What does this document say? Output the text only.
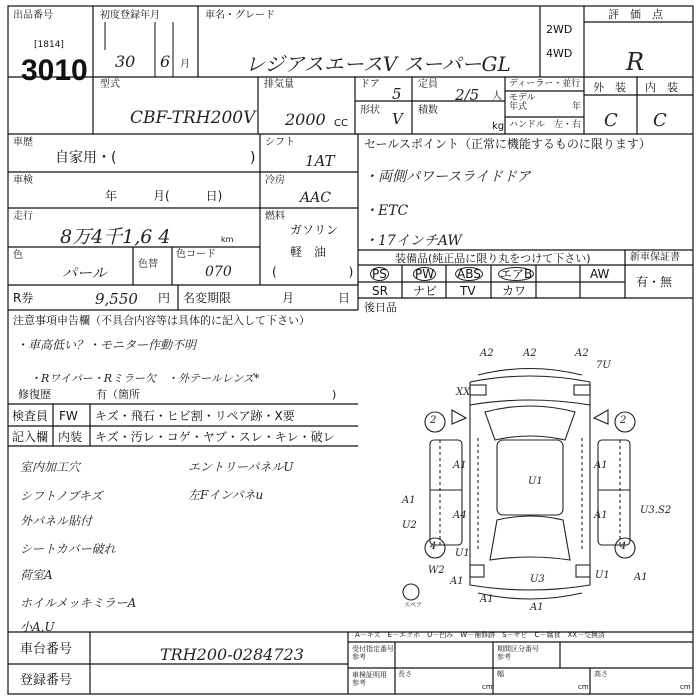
出品番号
[1814]
3010
初度登録年月
30 6 月
車名・グレード
レジアスエースV スーパーGL
2WD
4WD
評　価　点
R
外　装 内　装
C C
型式
CBF-TRH200V
排気量
2000 CC
ドア
5
定員
2/5 人
形状 V 積数
kg
ディーラー・並行
モデル
年式	年
ハンドル　左・右
車歴
自家用・(	)
シフト
1AT
車検
年　　　月(　　　日)
冷房
AAC
走行
8万4千1,6 4	km
燃料
ガソリン
軽　油
(　　　　　　)
色
パール	色替
色コード
070
R券	9,550 円 名変期限	月	日
セールスポイント（正常に機能するものに限ります）
・両側パワースライドドア
・ETC
・17インチAW
装備品(純正品に限り丸をつけて下さい)	新車保証書
有・無
PS PW ABS エアB	AW
SR ナビ TV カワ
後日品
注意事項申告欄（不具合内容等は具体的に記入して下さい）
・車高低い？・モニター作動不明
・Rワイパー・Rミラー欠　・外テールレンズ*
修復歴	有（箇所	)
検査員
記入欄
FW キズ・飛石・ヒビ割・リペア跡・X要
内装 キズ・汚レ・コゲ・ヤブ・スレ・キレ・破レ
室内加工穴
シフトノブキズ
外パネル貼付
シートカバー破れ
荷室A
ホイルメッキミラーA
小A,U
エントリーパネルU
左Fインパネu
A2	A2	A2
7U
XX
2	2
A1	A1
U1
A4	A1
A1
U2
U3.S2
4	4
U1
W2
A1	U3	U1 A1
A1
A1
スペア
A－キズ　E－エクボ　U－凹み　W－補修跡　S－サビ　C－腐食　XX－交換済
車台番号	TRH200-0284723
登録番号
受付指定番号
参考
期間区分番号
参考
車検証明用
参考
長さ	幅	高さ
cm	cm	cm
